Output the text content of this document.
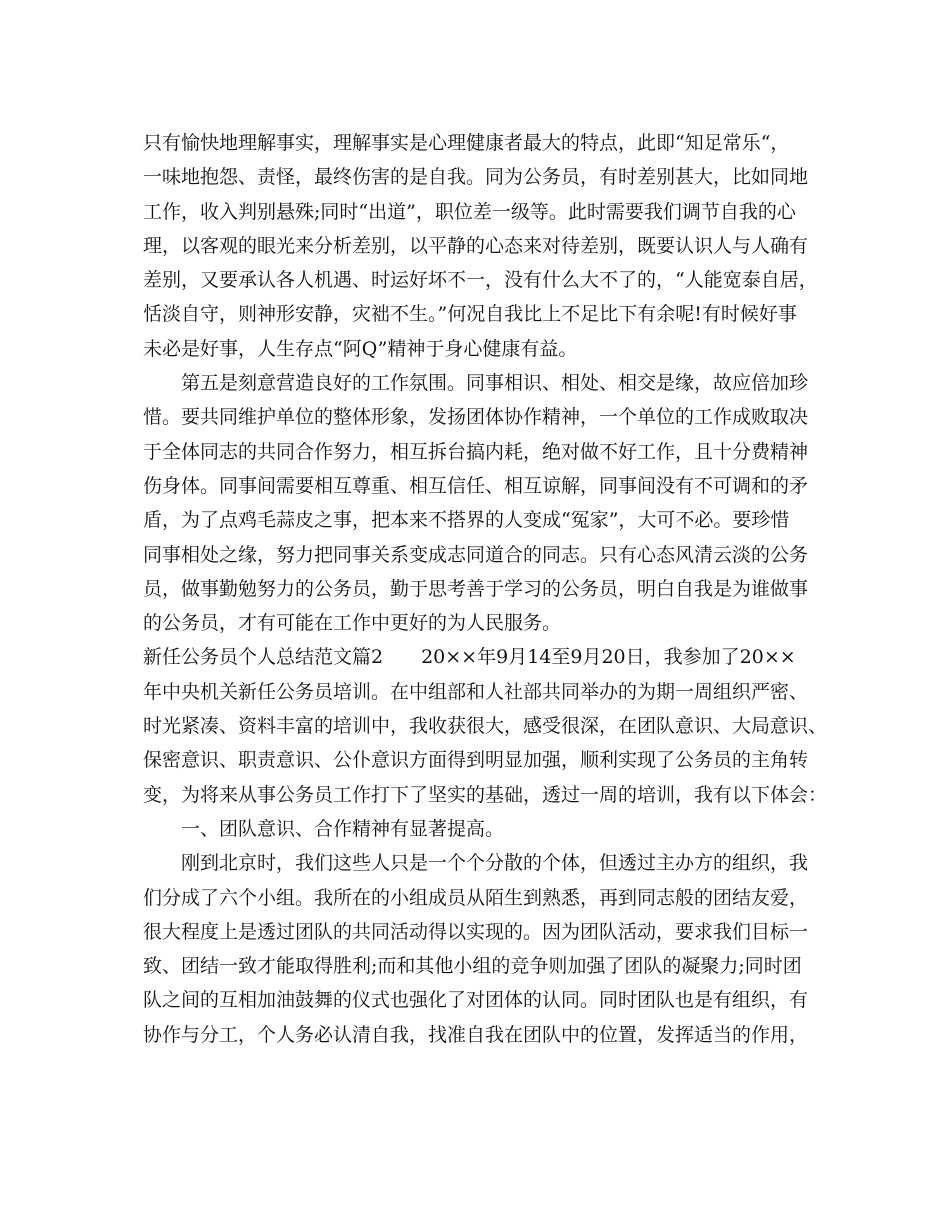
只有愉快地理解事实，理解事实是心理健康者最大的特点，此即“知足常乐“，
一味地抱怨、责怪，最终伤害的是自我。同为公务员，有时差别甚大，比如同地
工作，收入判别悬殊;同时“出道”，职位差一级等。此时需要我们调节自我的心
理，以客观的眼光来分析差别，以平静的心态来对待差别，既要认识人与人确有
差别，又要承认各人机遇、时运好坏不一，没有什么大不了的，“人能宽泰自居，
恬淡自守，则神形安静，灾袦不生。”何况自我比上不足比下有余呢!有时候好事
未必是好事，人生存点“阿Q”精神于身心健康有益。
第五是刻意营造良好的工作氛围。同事相识、相处、相交是缘，故应倍加珍
惜。要共同维护单位的整体形象，发扬团体协作精神，一个单位的工作成败取决
于全体同志的共同合作努力，相互拆台搞内耗，绝对做不好工作，且十分费精神
伤身体。同事间需要相互尊重、相互信任、相互谅解，同事间没有不可调和的矛
盾，为了点鸡毛蒜皮之事，把本来不搭界的人变成“冤家”，大可不必。要珍惜
同事相处之缘，努力把同事关系变成志同道合的同志。只有心态风清云淡的公务
员，做事勤勉努力的公务员，勤于思考善于学习的公务员，明白自我是为谁做事
的公务员，才有可能在工作中更好的为人民服务。
新任公务员个人总结范文篇2　　20××年9月14至9月20日，我参加了20××
年中央机关新任公务员培训。在中组部和人社部共同举办的为期一周组织严密、
时光紧凑、资料丰富的培训中，我收获很大，感受很深，在团队意识、大局意识、
保密意识、职责意识、公仆意识方面得到明显加强，顺利实现了公务员的主角转
变，为将来从事公务员工作打下了坚实的基础，透过一周的培训，我有以下体会：
一、团队意识、合作精神有显著提高。
刚到北京时，我们这些人只是一个个分散的个体，但透过主办方的组织，我
们分成了六个小组。我所在的小组成员从陌生到熟悉，再到同志般的团结友爱，
很大程度上是透过团队的共同活动得以实现的。因为团队活动，要求我们目标一
致、团结一致才能取得胜利;而和其他小组的竞争则加强了团队的凝聚力;同时团
队之间的互相加油鼓舞的仪式也强化了对团体的认同。同时团队也是有组织，有
协作与分工，个人务必认清自我，找准自我在团队中的位置，发挥适当的作用，
